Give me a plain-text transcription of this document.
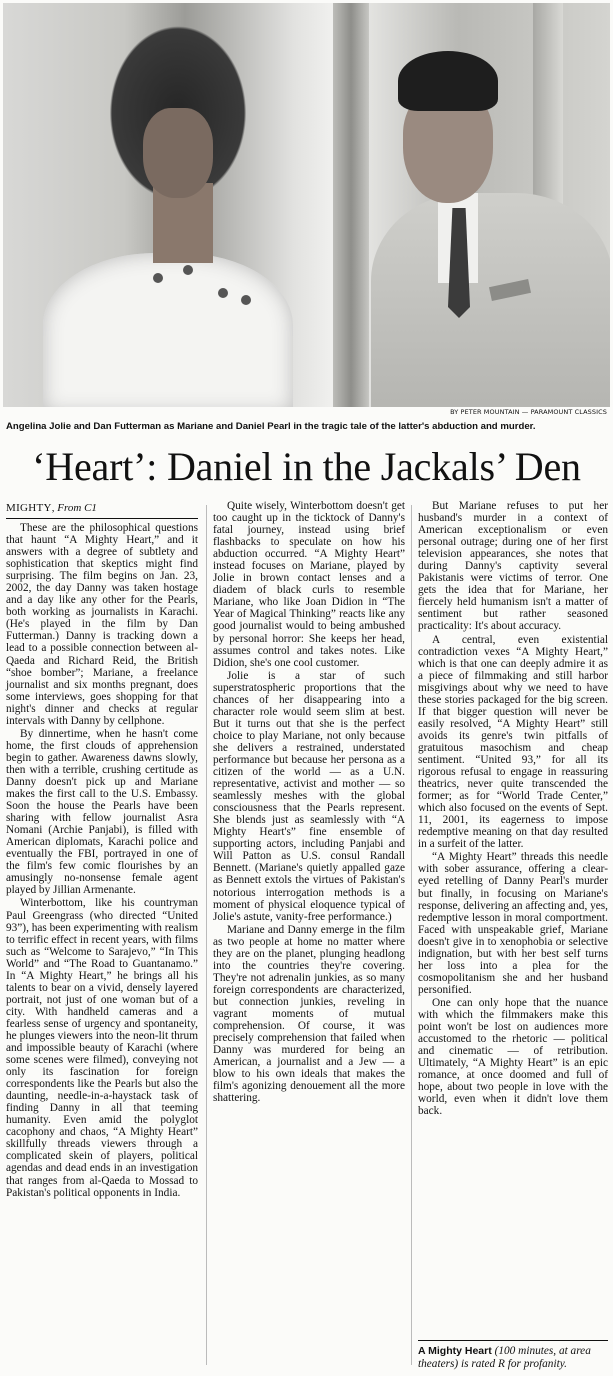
BY PETER MOUNTAIN — PARAMOUNT CLASSICS
Angelina Jolie and Dan Futterman as Mariane and Daniel Pearl in the tragic tale of the latter's abduction and murder.
‘Heart’: Daniel in the Jackals’ Den
MIGHTY, From C1

These are the philosophical questions that haunt “A Mighty Heart,” and it answers with a degree of subtlety and sophistication that skeptics might find surprising. The film begins on Jan. 23, 2002, the day Danny was taken hostage and a day like any other for the Pearls, both working as journalists in Karachi. (He's played in the film by Dan Futterman.) Danny is tracking down a lead to a possible connection between al-Qaeda and Richard Reid, the British “shoe bomber”; Mariane, a freelance journalist and six months pregnant, does some interviews, goes shopping for that night's dinner and checks at regular intervals with Danny by cellphone.

By dinnertime, when he hasn't come home, the first clouds of apprehension begin to gather. Awareness dawns slowly, then with a terrible, crushing certitude as Danny doesn't pick up and Mariane makes the first call to the U.S. Embassy. Soon the house the Pearls have been sharing with fellow journalist Asra Nomani (Archie Panjabi), is filled with American diplomats, Karachi police and eventually the FBI, portrayed in one of the film's few comic flourishes by an amusingly no-nonsense female agent played by Jillian Armenante.

Winterbottom, like his countryman Paul Greengrass (who directed “United 93”), has been experimenting with realism to terrific effect in recent years, with films such as “Welcome to Sarajevo,” “In This World” and “The Road to Guantanamo.” In “A Mighty Heart,” he brings all his talents to bear on a vivid, densely layered portrait, not just of one woman but of a city. With handheld cameras and a fearless sense of urgency and spontaneity, he plunges viewers into the neon-lit thrum and impossible beauty of Karachi (where some scenes were filmed), conveying not only its fascination for foreign correspondents like the Pearls but also the daunting, needle-in-a-haystack task of finding Danny in all that teeming humanity. Even amid the polyglot cacophony and chaos, “A Mighty Heart” skillfully threads viewers through a complicated skein of players, political agendas and dead ends in an investigation that ranges from al-Qaeda to Mossad to Pakistan's political opponents in India.

Quite wisely, Winterbottom doesn't get too caught up in the ticktock of Danny's fatal journey, instead using brief flashbacks to speculate on how his abduction occurred. “A Mighty Heart” instead focuses on Mariane, played by Jolie in brown contact lenses and a diadem of black curls to resemble Mariane, who like Joan Didion in “The Year of Magical Thinking” reacts like any good journalist would to being ambushed by personal horror: She keeps her head, assumes control and takes notes. Like Didion, she's one cool customer.

Jolie is a star of such superstratospheric proportions that the chances of her disappearing into a character role would seem slim at best. But it turns out that she is the perfect choice to play Mariane, not only because she delivers a restrained, understated performance but because her persona as a citizen of the world — as a U.N. representative, activist and mother — so seamlessly meshes with the global consciousness that the Pearls represent. She blends just as seamlessly with “A Mighty Heart's” fine ensemble of supporting actors, including Panjabi and Will Patton as U.S. consul Randall Bennett. (Mariane's quietly appalled gaze as Bennett extols the virtues of Pakistan's notorious interrogation methods is a moment of physical eloquence typical of Jolie's astute, vanity-free performance.)

Mariane and Danny emerge in the film as two people at home no matter where they are on the planet, plunging headlong into the countries they're covering. They're not adrenalin junkies, as so many foreign correspondents are characterized, but connection junkies, reveling in vagrant moments of mutual comprehension. Of course, it was precisely comprehension that failed when Danny was murdered for being an American, a journalist and a Jew — a blow to his own ideals that makes the film's agonizing denouement all the more shattering.

But Mariane refuses to put her husband's murder in a context of American exceptionalism or even personal outrage; during one of her first television appearances, she notes that during Danny's captivity several Pakistanis were victims of terror. One gets the idea that for Mariane, her fiercely held humanism isn't a matter of sentiment but rather seasoned practicality: It's about accuracy.

A central, even existential contradiction vexes “A Mighty Heart,” which is that one can deeply admire it as a piece of filmmaking and still harbor misgivings about why we need to have these stories packaged for the big screen. If that bigger question will never be easily resolved, “A Mighty Heart” still avoids its genre's twin pitfalls of gratuitous masochism and cheap sentiment. “United 93,” for all its rigorous refusal to engage in reassuring theatrics, never quite transcended the former; as for “World Trade Center,” which also focused on the events of Sept. 11, 2001, its eagerness to impose redemptive meaning on that day resulted in a surfeit of the latter.

“A Mighty Heart” threads this needle with sober assurance, offering a clear-eyed retelling of Danny Pearl's murder but finally, in focusing on Mariane's response, delivering an affecting and, yes, redemptive lesson in moral comportment. Faced with unspeakable grief, Mariane doesn't give in to xenophobia or selective indignation, but with her best self turns her loss into a plea for the cosmopolitanism she and her husband personified.

One can only hope that the nuance with which the filmmakers make this point won't be lost on audiences more accustomed to the rhetoric — political and cinematic — of retribution. Ultimately, “A Mighty Heart” is an epic romance, at once doomed and full of hope, about two people in love with the world, even when it didn't love them back.

A Mighty Heart (100 minutes, at area theaters) is rated R for profanity.
